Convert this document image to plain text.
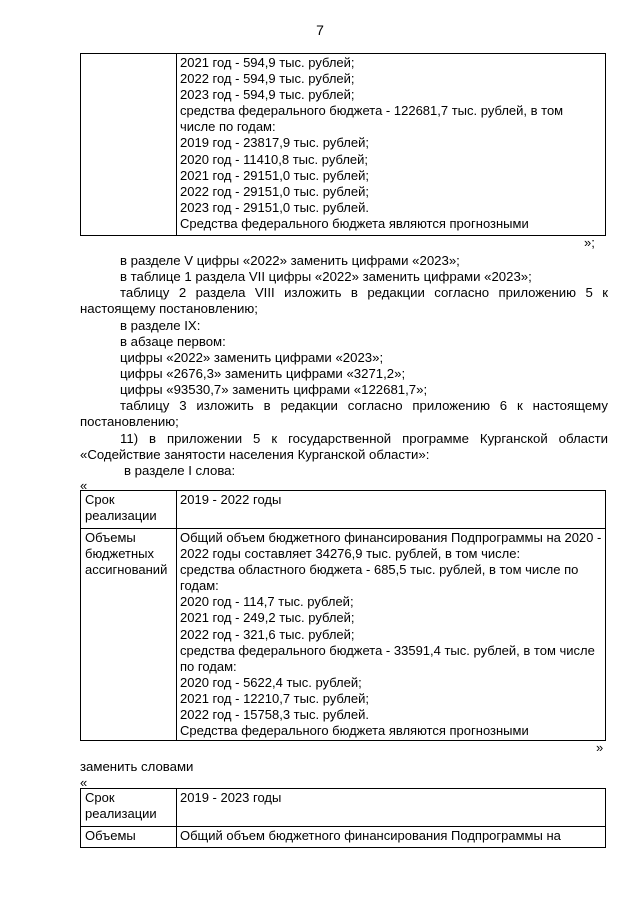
7
2021 год - 594,9 тыс. рублей;
2022 год - 594,9 тыс. рублей;
2023 год - 594,9 тыс. рублей;
средства федерального бюджета - 122681,7 тыс. рублей, в том числе по годам:
2019 год - 23817,9 тыс. рублей;
2020 год - 11410,8 тыс. рублей;
2021 год - 29151,0 тыс. рублей;
2022 год - 29151,0 тыс. рублей;
2023 год - 29151,0 тыс. рублей.
Средства федерального бюджета являются прогнозными
»;
в разделе V цифры «2022» заменить цифрами «2023»;
в таблице 1 раздела VII цифры «2022» заменить цифрами «2023»;
таблицу 2 раздела VIII изложить в редакции согласно приложению 5 к настоящему постановлению;
в разделе IX:
в абзаце первом:
цифры «2022» заменить цифрами «2023»;
цифры «2676,3» заменить цифрами «3271,2»;
цифры «93530,7» заменить цифрами «122681,7»;
таблицу 3 изложить в редакции согласно приложению 6 к настоящему постановлению;
11) в приложении 5 к государственной программе Курганской области «Содействие занятости населения Курганской области»:
в разделе I слова:
«
Срок реализации
2019 - 2022 годы
Объемы бюджетных ассигнований
Общий объем бюджетного финансирования Подпрограммы на 2020 - 2022 годы составляет 34276,9 тыс. рублей, в том числе:
средства областного бюджета - 685,5 тыс. рублей, в том числе по годам:
2020 год - 114,7 тыс. рублей;
2021 год - 249,2 тыс. рублей;
2022 год - 321,6 тыс. рублей;
средства федерального бюджета - 33591,4 тыс. рублей, в том числе по годам:
2020 год - 5622,4 тыс. рублей;
2021 год - 12210,7 тыс. рублей;
2022 год - 15758,3 тыс. рублей.
Средства федерального бюджета являются прогнозными
»
заменить словами
«
Срок реализации
2019 - 2023 годы
Объемы	Общий объем бюджетного финансирования Подпрограммы на
